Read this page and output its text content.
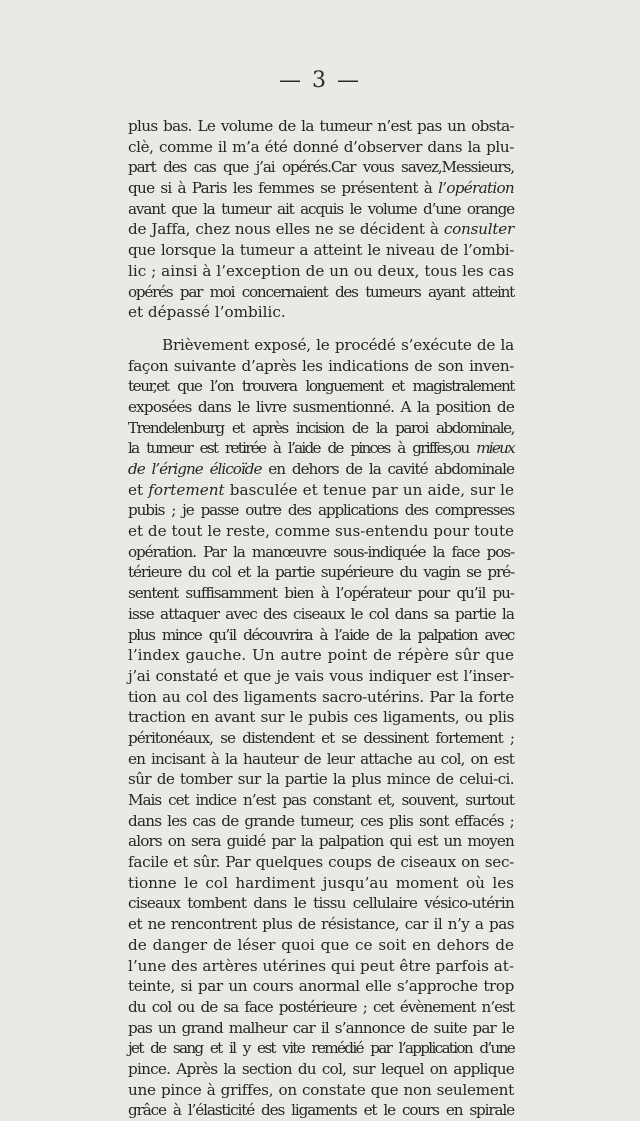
— 3 —
plus bas. Le volume de la tumeur n’est pas un obsta-
clè, comme il m’a été donné d’observer dans la plu-
part des cas que j’ai opérés.Car vous savez,Messieurs,
que si à Paris les femmes se présentent à l’opération
avant que la tumeur ait acquis le volume d’une orange
de Jaffa, chez nous elles ne se décident à consulter
que lorsque la tumeur a atteint le niveau de l’ombi-
lic ; ainsi à l’exception de un ou deux, tous les cas
opérés par moi concernaient des tumeurs ayant atteint
et dépassé l’ombilic.
Brièvement exposé, le procédé s’exécute de la
façon suivante d’après les indications de son inven-
teur,et que l’on trouvera longuement et magistralement
exposées dans le livre susmentionné. A la position de
Trendelenburg et après incision de la paroi abdominale,
la tumeur est retirée à l’aide de pinces à griffes,ou mieux
de l’érigne élicoïde en dehors de la cavité abdominale
et fortement basculée et tenue par un aide, sur le
pubis ; je passe outre des applications des compresses
et de tout le reste, comme sus-entendu pour toute
opération. Par la manœuvre sous-indiquée la face pos-
térieure du col et la partie supérieure du vagin se pré-
sentent suffisamment bien à l’opérateur pour qu’il pu-
isse attaquer avec des ciseaux le col dans sa partie la
plus mince qu’il découvrira à l’aide de la palpation avec
l’index gauche. Un autre point de répère sûr que
j’ai constaté et que je vais vous indiquer est l’inser-
tion au col des ligaments sacro-utérins. Par la forte
traction en avant sur le pubis ces ligaments, ou plis
péritonéaux, se distendent et se dessinent fortement ;
en incisant à la hauteur de leur attache au col, on est
sûr de tomber sur la partie la plus mince de celui-ci.
Mais cet indice n’est pas constant et, souvent, surtout
dans les cas de grande tumeur, ces plis sont effacés ;
alors on sera guidé par la palpation qui est un moyen
facile et sûr. Par quelques coups de ciseaux on sec-
tionne le col hardiment jusqu’au moment où les
ciseaux tombent dans le tissu cellulaire vésico-utérin
et ne rencontrent plus de résistance, car il n’y a pas
de danger de léser quoi que ce soit en dehors de
l’une des artères utérines qui peut être parfois at-
teinte, si par un cours anormal elle s’approche trop
du col ou de sa face postérieure ; cet évènement n’est
pas un grand malheur car il s’annonce de suite par le
jet de sang et il y est vite remédié par l’application d’une
pince. Après la section du col, sur lequel on applique
une pince à griffes, on constate que non seulement
grâce à l’élasticité des ligaments et le cours en spirale
